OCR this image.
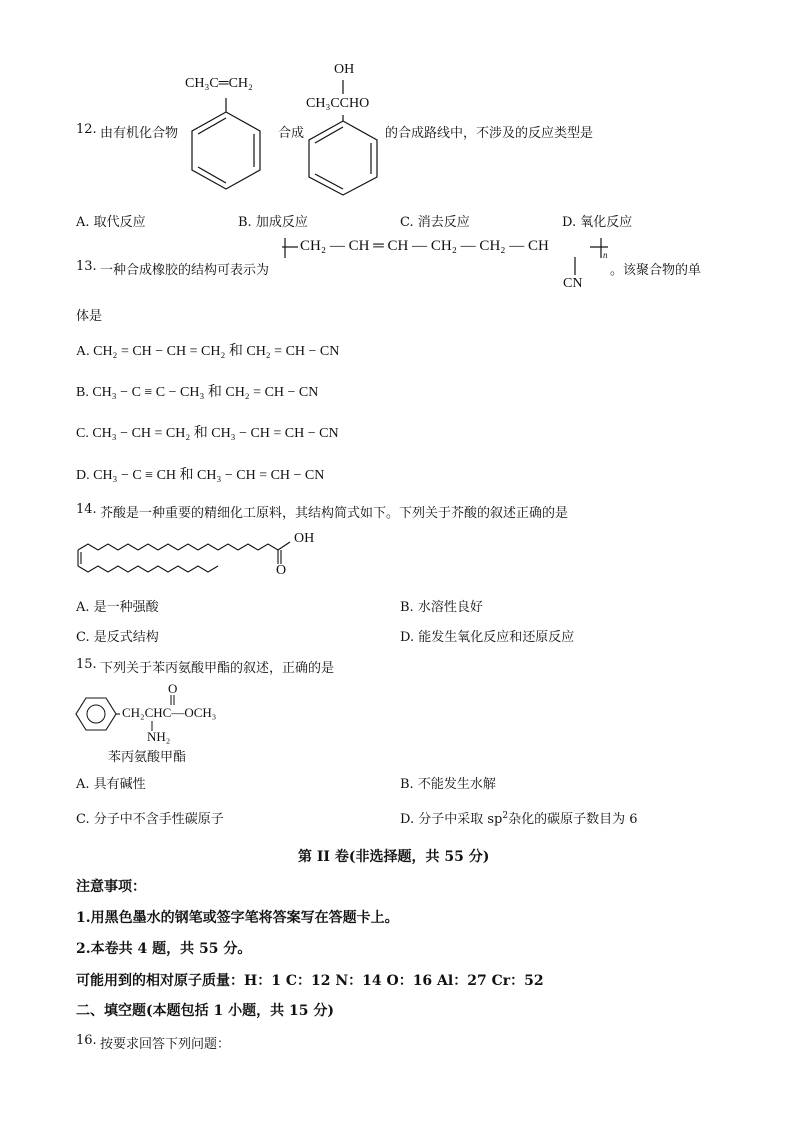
12. 由有机化合物
CH₃C═CH₂
合成
OH
CH₃CCHO
的合成路线中，不涉及的反应类型是
A. 取代反应	B. 加成反应	C. 消去反应	D. 氧化反应
13. 一种合成橡胶的结构可表示为
CH₂ — CH ═ CH — CH₂ — CH₂ — CH
n
CN
。该聚合物的单
体是
A. CH₂ = CH − CH = CH₂ 和 CH₂ = CH − CN
B. CH₃ − C ≡ C − CH₃ 和 CH₂ = CH − CN
C. CH₃ − CH = CH₂ 和 CH₃ − CH = CH − CN
D. CH₃ − C ≡ CH 和 CH₃ − CH = CH − CN
14. 芥酸是一种重要的精细化工原料，其结构简式如下。下列关于芥酸的叙述正确的是
OH
O
A. 是一种强酸	B. 水溶性良好
C. 是反式结构	D. 能发生氧化反应和还原反应
15. 下列关于苯丙氨酸甲酯的叙述，正确的是
O
CH₂CHC—OCH₃
NH₂
苯丙氨酸甲酯
A. 具有碱性	B. 不能发生水解
C. 分子中不含手性碳原子	D. 分子中采取 $sp^2$杂化的碳原子数目为 6
第 II 卷(非选择题，共 55 分)
注意事项：
1.用黑色墨水的钢笔或签字笔将答案写在答题卡上。
2.本卷共 4 题，共 55 分。
可能用到的相对原子质量：H：1 C：12 N：14 O：16 Al：27 Cr：52
二、填空题(本题包括 1 小题，共 15 分)
16. 按要求回答下列问题：
